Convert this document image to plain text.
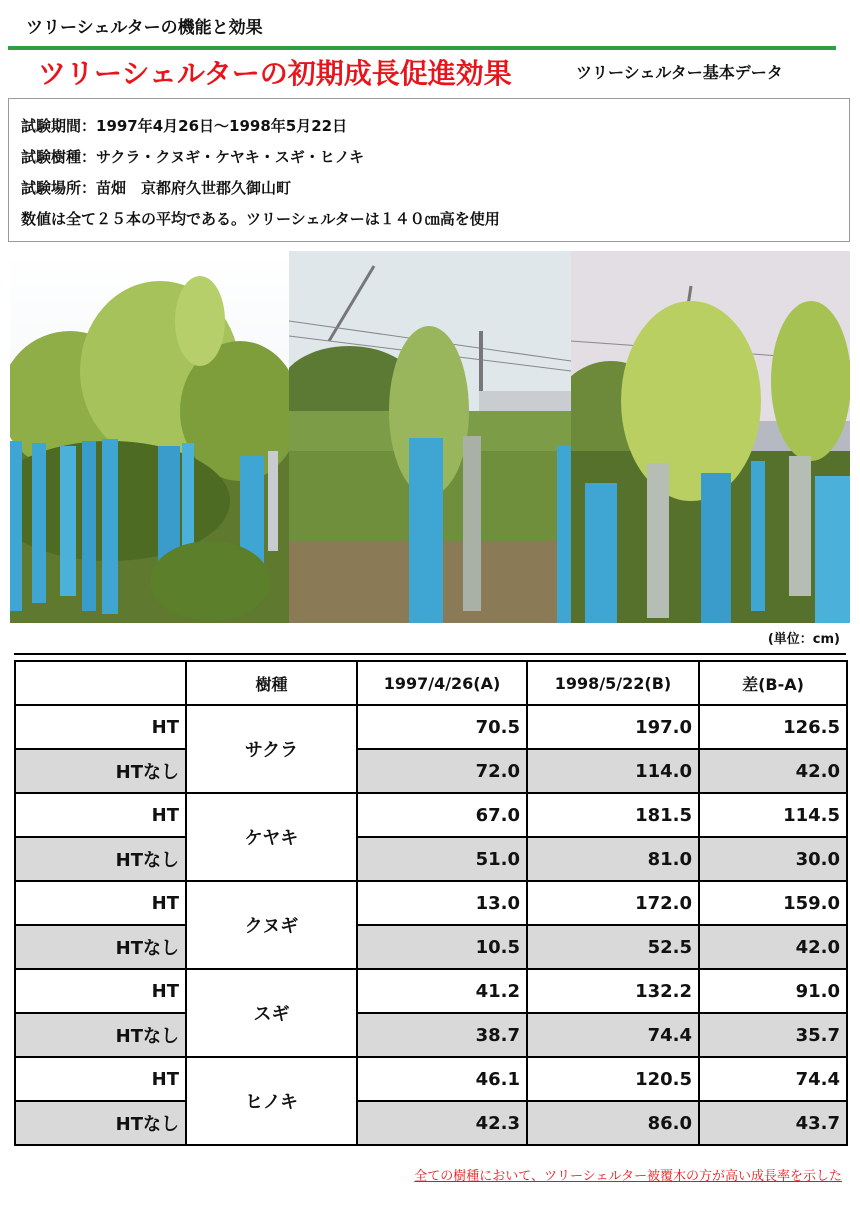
ツリーシェルターの機能と効果
ツリーシェルターの初期成長促進効果	ツリーシェルター基本データ
試験期間：1997年4月26日～1998年5月22日
試験樹種：サクラ・クヌギ・ケヤキ・スギ・ヒノキ
試験場所：苗畑　京都府久世郡久御山町
数値は全て２５本の平均である。ツリーシェルターは１４０㎝高を使用
(単位：cm)
	樹種	1997/4/26(A)	1998/5/22(B)	差(B-A)
HT	サクラ	70.5	197.0	126.5
HTなし		72.0	114.0	42.0
HT	ケヤキ	67.0	181.5	114.5
HTなし		51.0	81.0	30.0
HT	クヌギ	13.0	172.0	159.0
HTなし		10.5	52.5	42.0
HT	スギ	41.2	132.2	91.0
HTなし		38.7	74.4	35.7
HT	ヒノキ	46.1	120.5	74.4
HTなし		42.3	86.0	43.7
全ての樹種において、ツリーシェルター被覆木の方が高い成長率を示した
